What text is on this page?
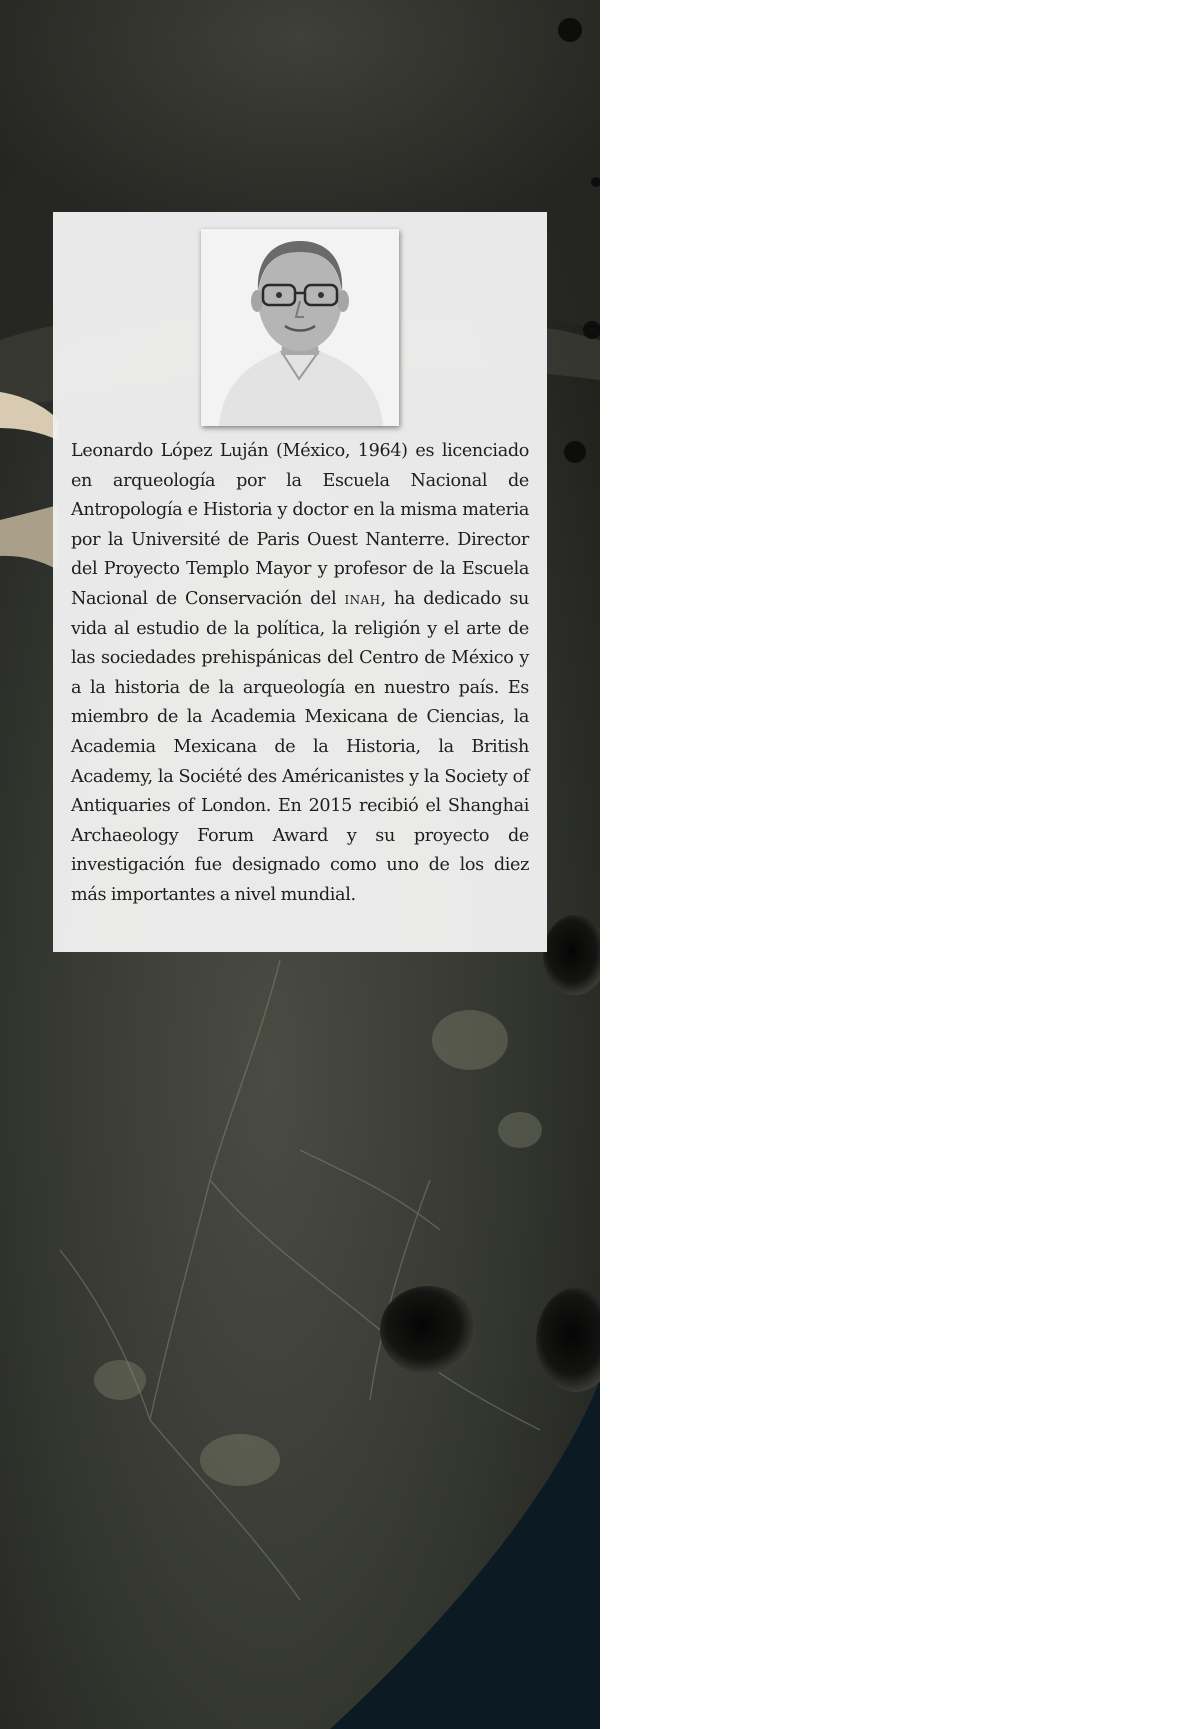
Leonardo López Luján (México, 1964) es licenciado en arqueología por la Escuela Nacional de Antropología e Historia y doctor en la misma materia por la Université de Paris Ouest Nanterre. Director del Proyecto Templo Mayor y profesor de la Escuela Nacional de Conservación del inah, ha dedicado su vida al estudio de la política, la religión y el arte de las sociedades prehispánicas del Centro de México y a la historia de la arqueología en nuestro país. Es miembro de la Academia Mexicana de Ciencias, la Academia Mexicana de la Historia, la British Academy, la Société des Américanistes y la Society of Antiquaries of London. En 2015 recibió el Shanghai Archaeology Forum Award y su proyecto de investigación fue designado como uno de los diez más importantes a nivel mundial.
